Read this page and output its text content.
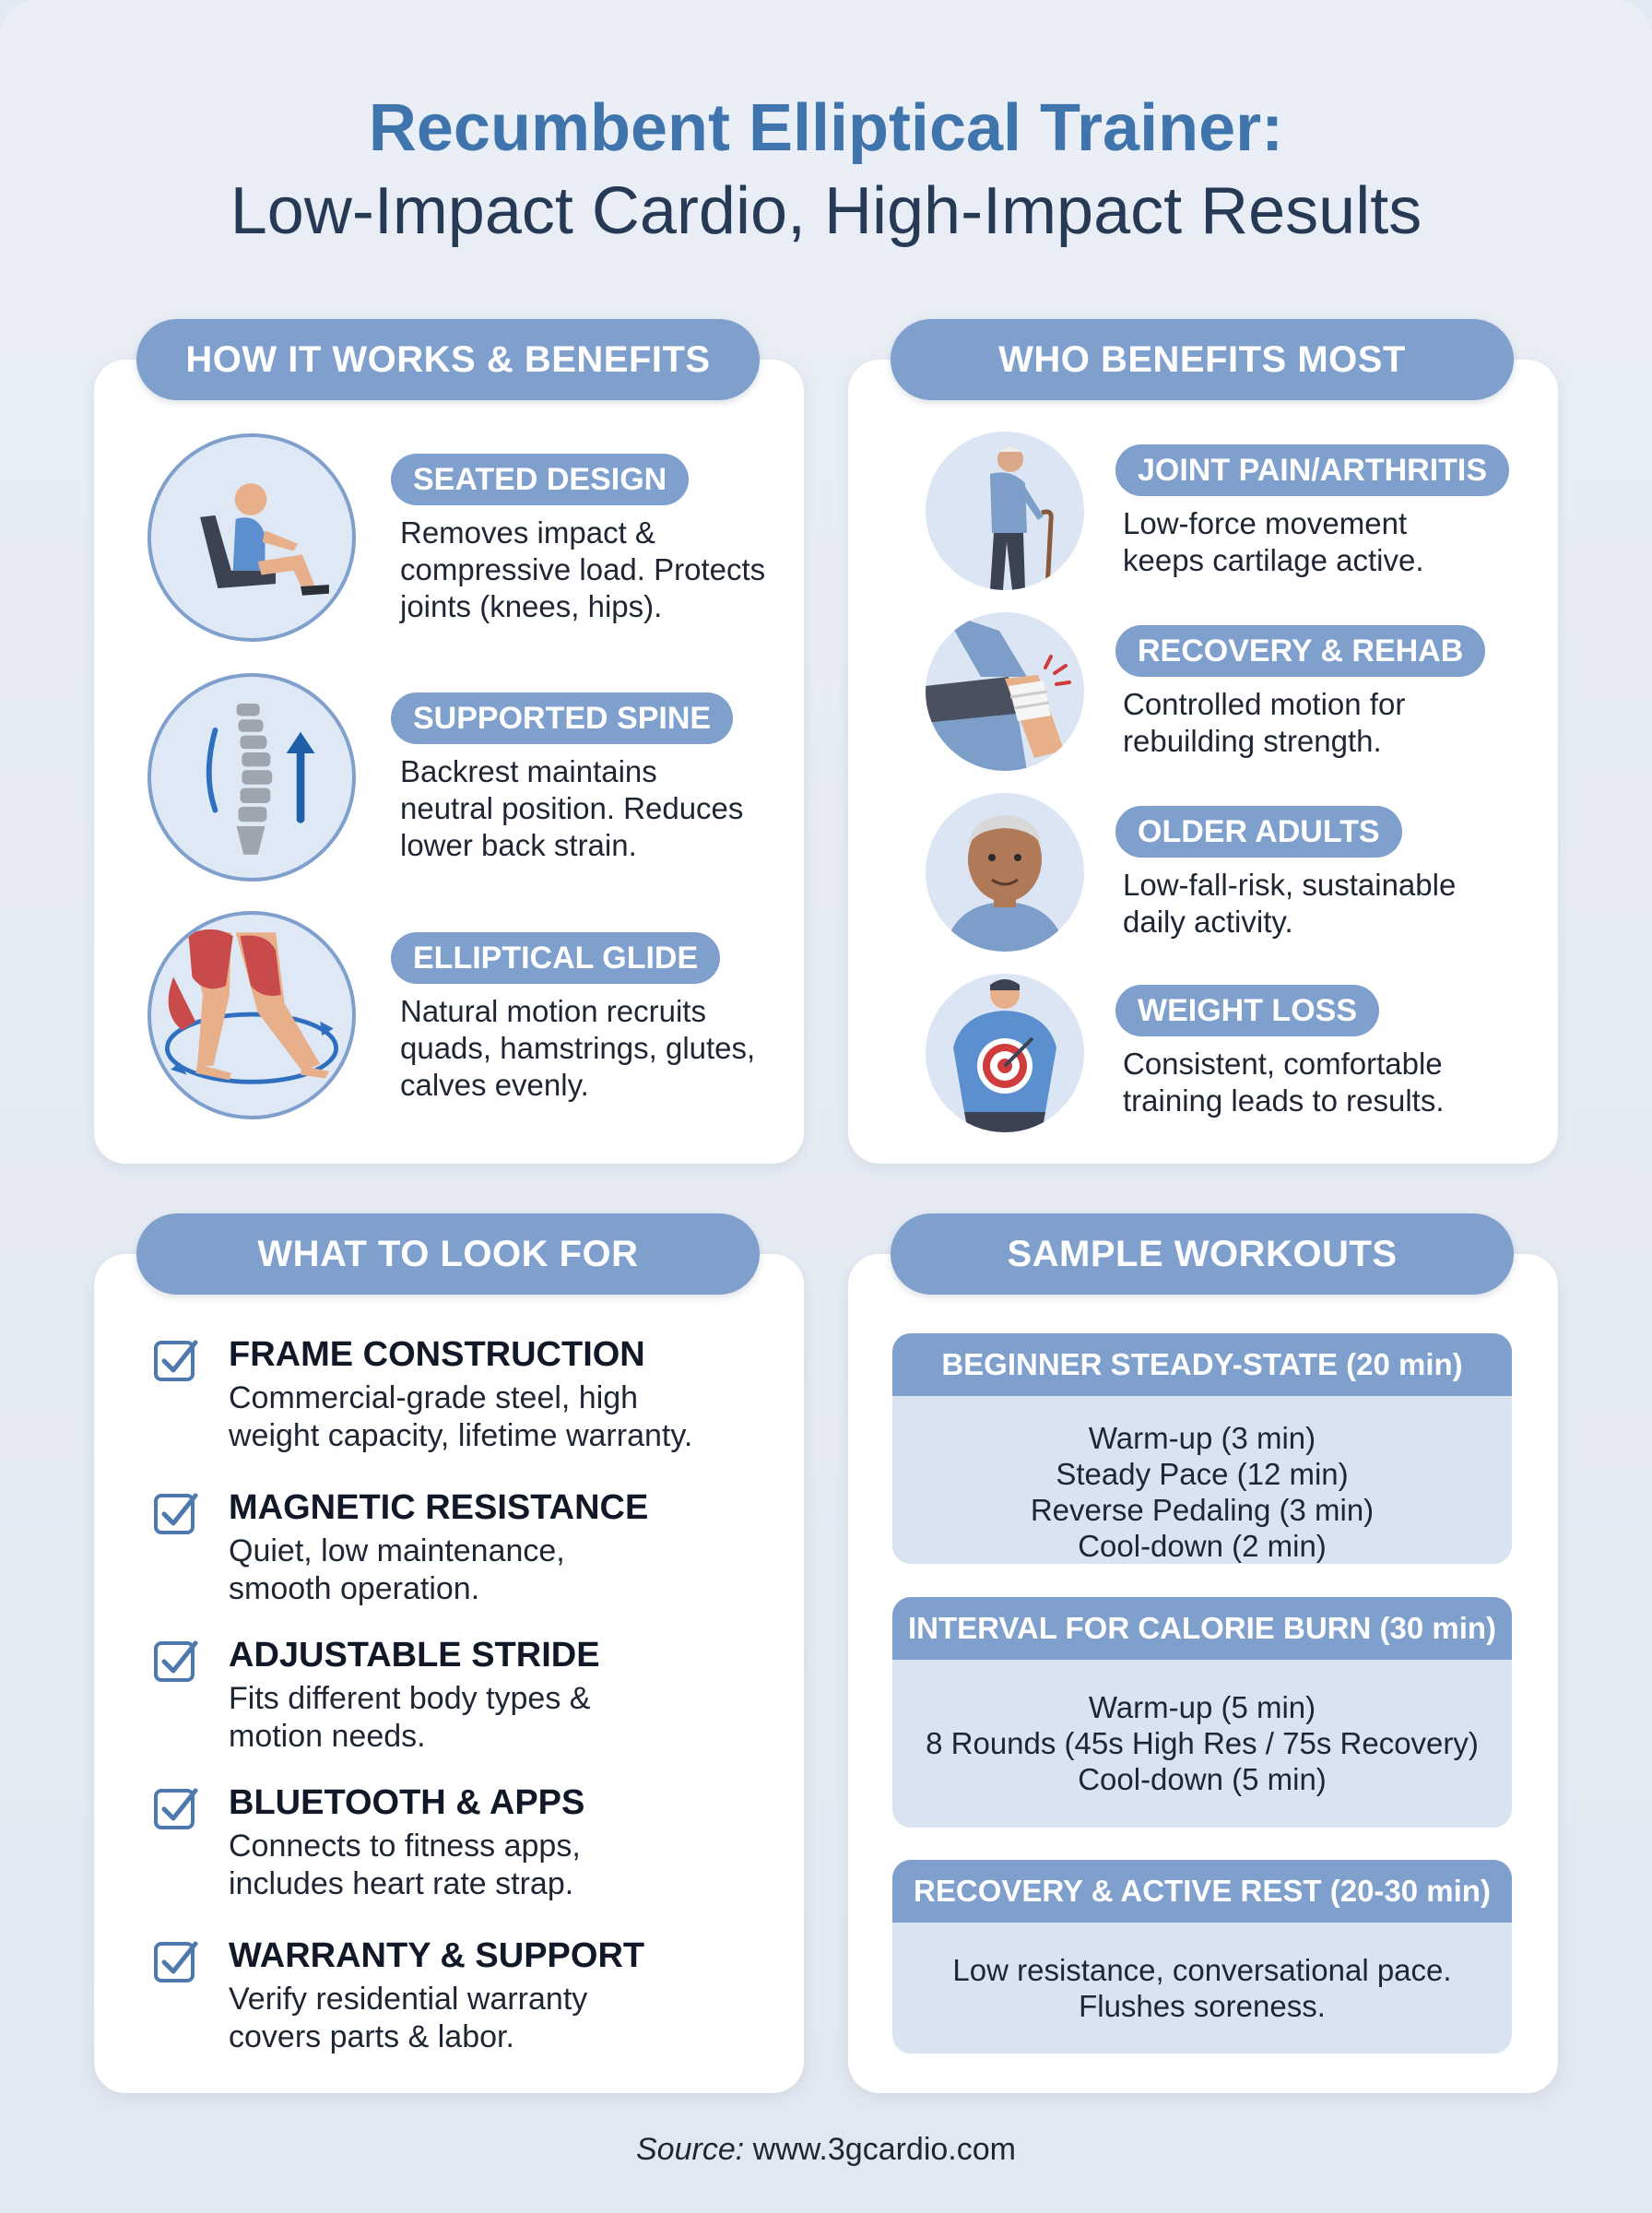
Recumbent Elliptical Trainer:
Low-Impact Cardio, High-Impact Results
HOW IT WORKS & BENEFITS
SEATED DESIGN
Removes impact &
compressive load. Protects
joints (knees, hips).
SUPPORTED SPINE
Backrest maintains
neutral position. Reduces
lower back strain.
ELLIPTICAL GLIDE
Natural motion recruits
quads, hamstrings, glutes,
calves evenly.
WHO BENEFITS MOST
JOINT PAIN/ARTHRITIS
Low-force movement
keeps cartilage active.
RECOVERY & REHAB
Controlled motion for
rebuilding strength.
OLDER ADULTS
Low-fall-risk, sustainable
daily activity.
WEIGHT LOSS
Consistent, comfortable
training leads to results.
WHAT TO LOOK FOR
FRAME CONSTRUCTION
Commercial-grade steel, high
weight capacity, lifetime warranty.
MAGNETIC RESISTANCE
Quiet, low maintenance,
smooth operation.
ADJUSTABLE STRIDE
Fits different body types &
motion needs.
BLUETOOTH & APPS
Connects to fitness apps,
includes heart rate strap.
WARRANTY & SUPPORT
Verify residential warranty
covers parts & labor.
SAMPLE WORKOUTS
BEGINNER STEADY-STATE (20 min)
Warm-up (3 min)
Steady Pace (12 min)
Reverse Pedaling (3 min)
Cool-down (2 min)
INTERVAL FOR CALORIE BURN (30 min)
Warm-up (5 min)
8 Rounds (45s High Res / 75s Recovery)
Cool-down (5 min)
RECOVERY & ACTIVE REST (20-30 min)
Low resistance, conversational pace.
Flushes soreness.
Source: www.3gcardio.com
